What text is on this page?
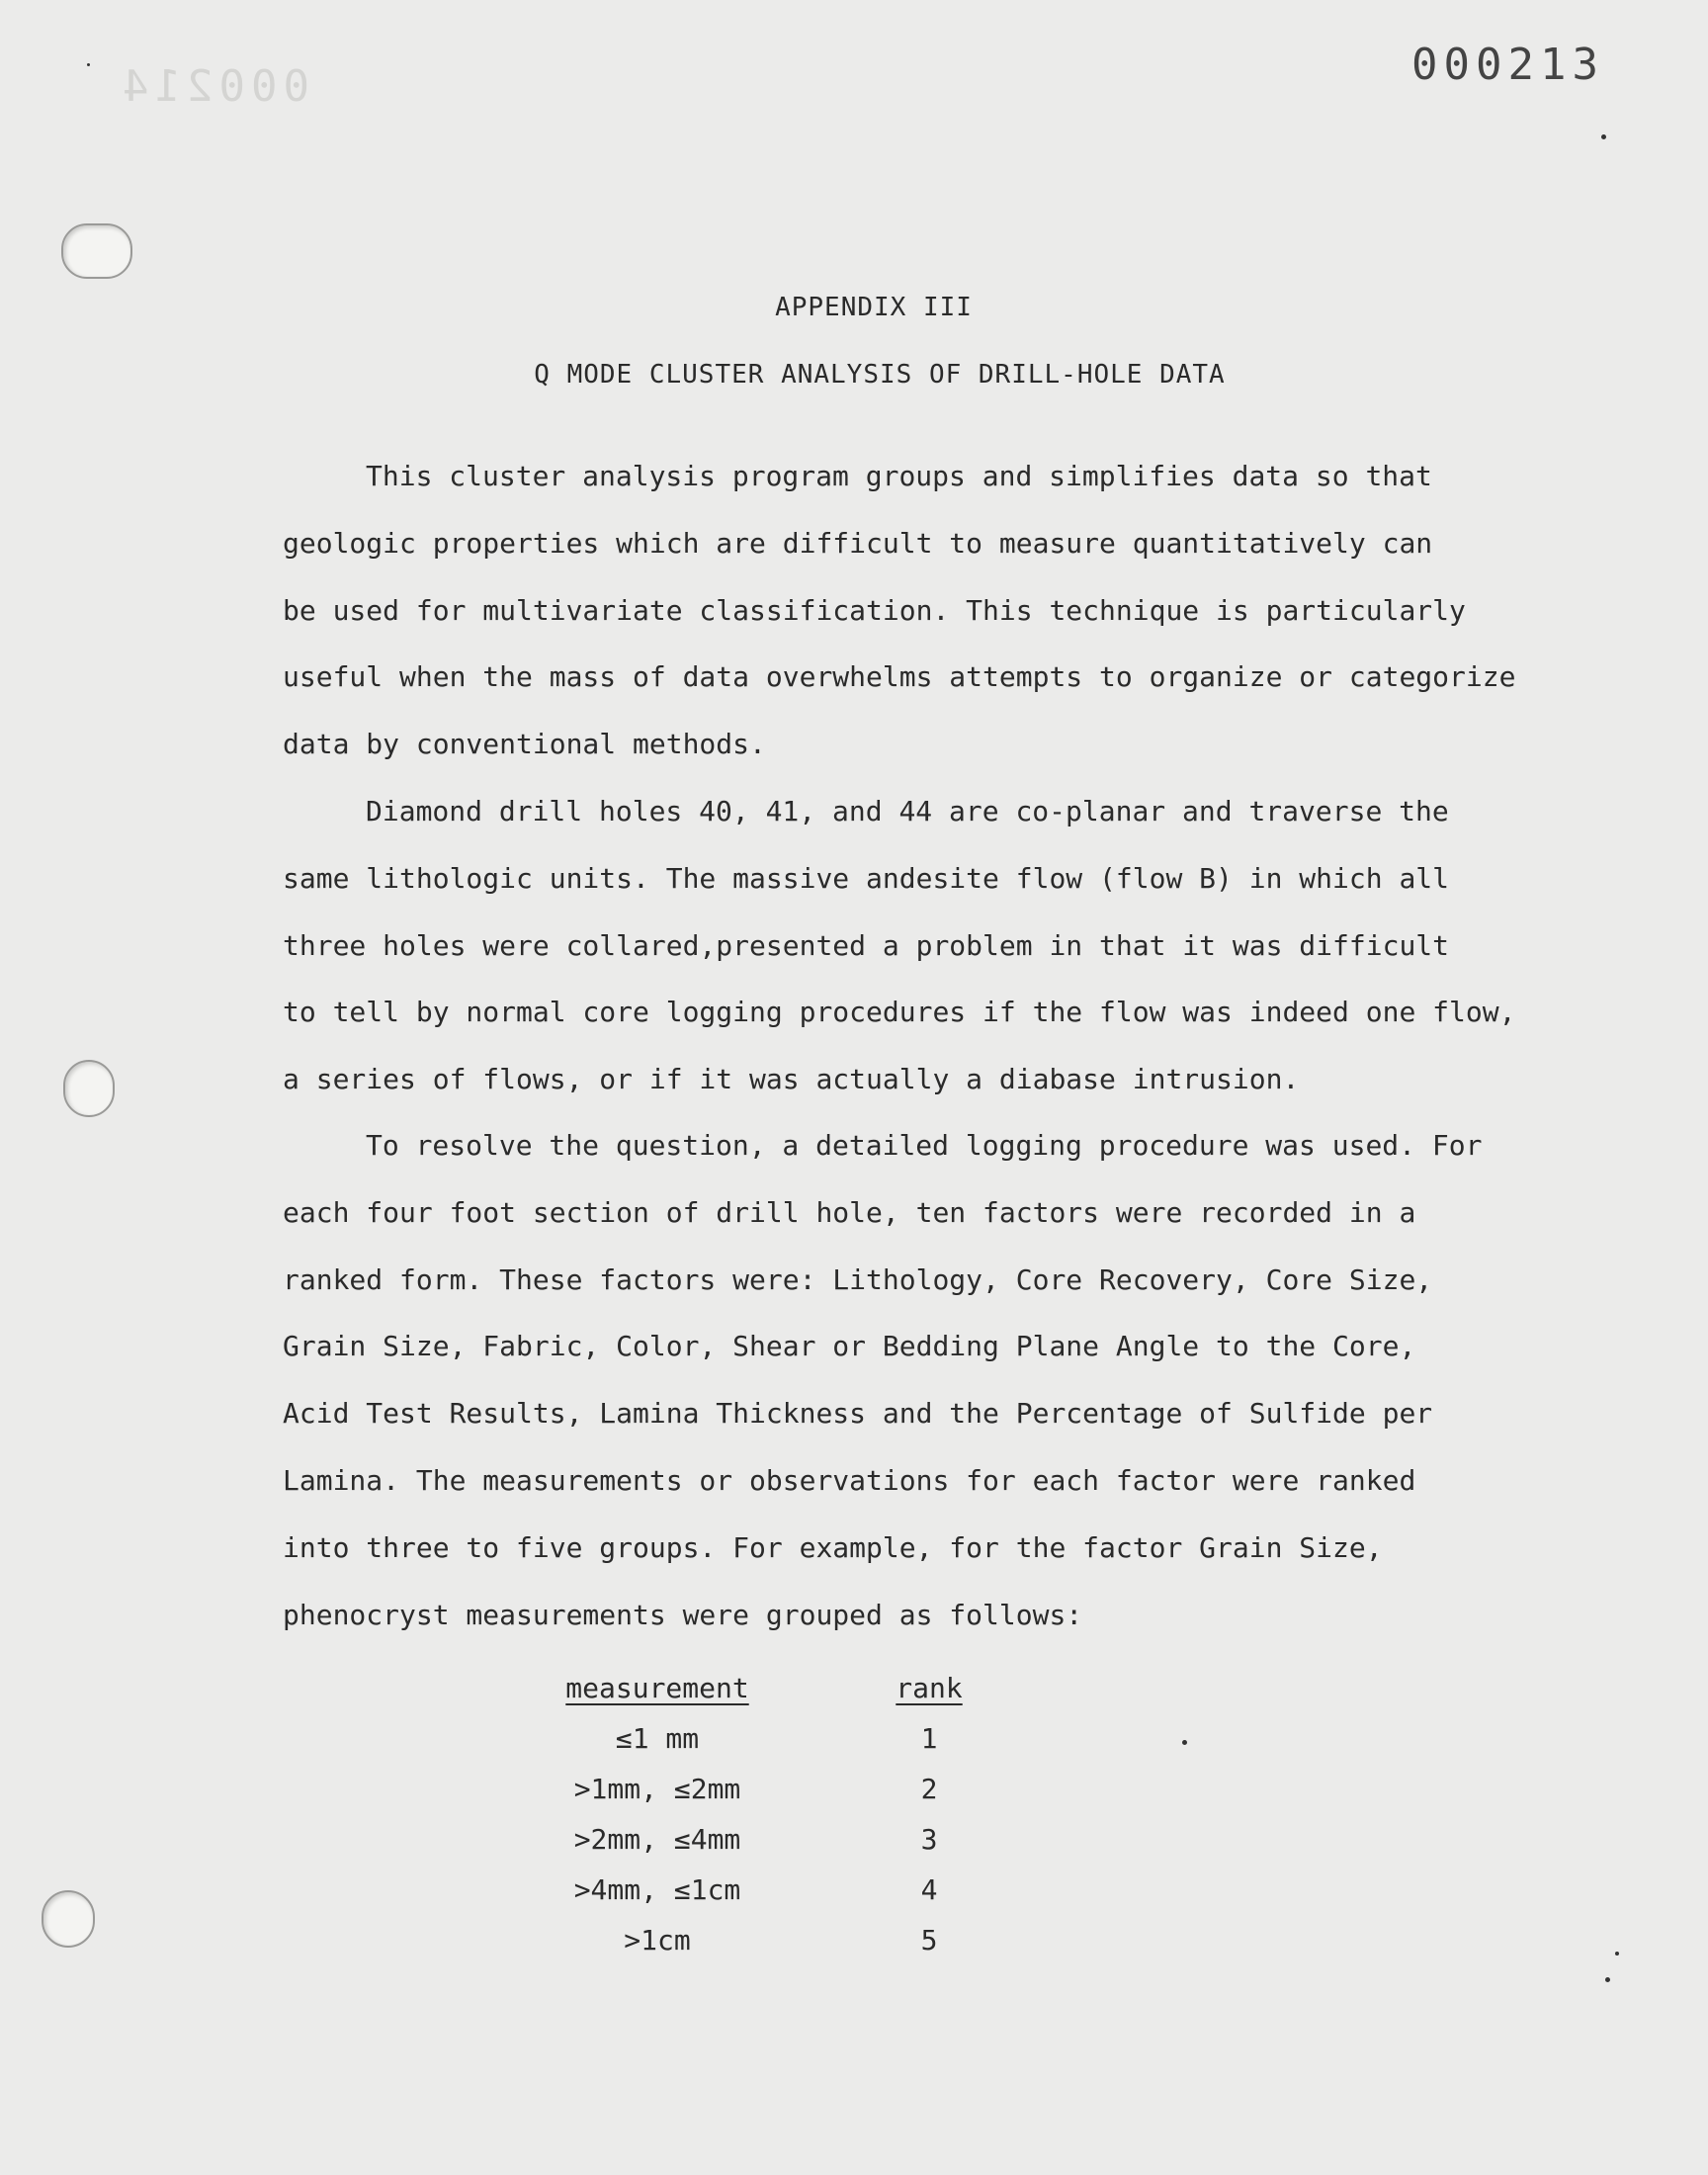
000214	000213
APPENDIX III
Q MODE CLUSTER ANALYSIS OF DRILL-HOLE DATA
This cluster analysis program groups and simplifies data so that
geologic properties which are difficult to measure quantitatively can
be used for multivariate classification. This technique is particularly
useful when the mass of data overwhelms attempts to organize or categorize
data by conventional methods.
Diamond drill holes 40, 41, and 44 are co-planar and traverse the
same lithologic units. The massive andesite flow (flow B) in which all
three holes were collared,presented a problem in that it was difficult
to tell by normal core logging procedures if the flow was indeed one flow,
a series of flows, or if it was actually a diabase intrusion.
To resolve the question, a detailed logging procedure was used. For
each four foot section of drill hole, ten factors were recorded in a
ranked form. These factors were: Lithology, Core Recovery, Core Size,
Grain Size, Fabric, Color, Shear or Bedding Plane Angle to the Core,
Acid Test Results, Lamina Thickness and the Percentage of Sulfide per
Lamina. The measurements or observations for each factor were ranked
into three to five groups. For example, for the factor Grain Size,
phenocryst measurements were grouped as follows:
measurement	rank
≤1 mm	1
>1mm, ≤2mm	2
>2mm, ≤4mm	3
>4mm, ≤1cm	4
>1cm	5
